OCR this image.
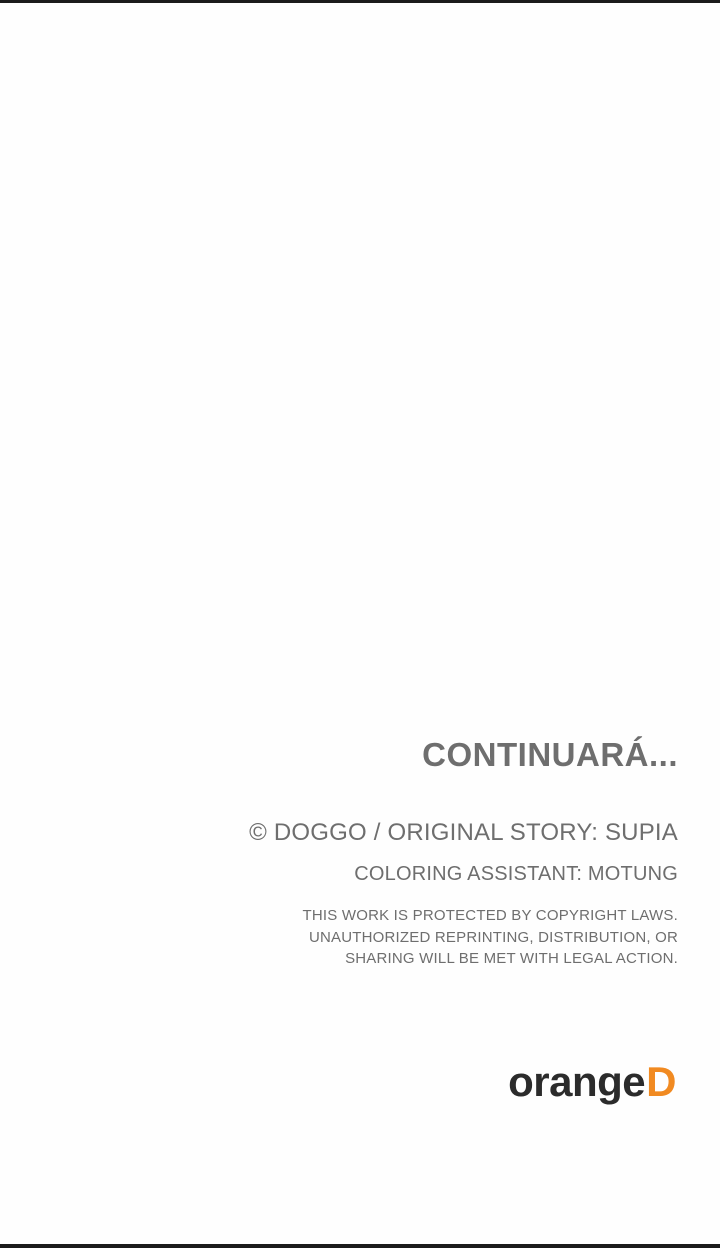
CONTINUARÁ...
© DOGGO / ORIGINAL STORY: SUPIA
COLORING ASSISTANT: MOTUNG
THIS WORK IS PROTECTED BY COPYRIGHT LAWS.
UNAUTHORIZED REPRINTING, DISTRIBUTION, OR
SHARING WILL BE MET WITH LEGAL ACTION.
orange D
